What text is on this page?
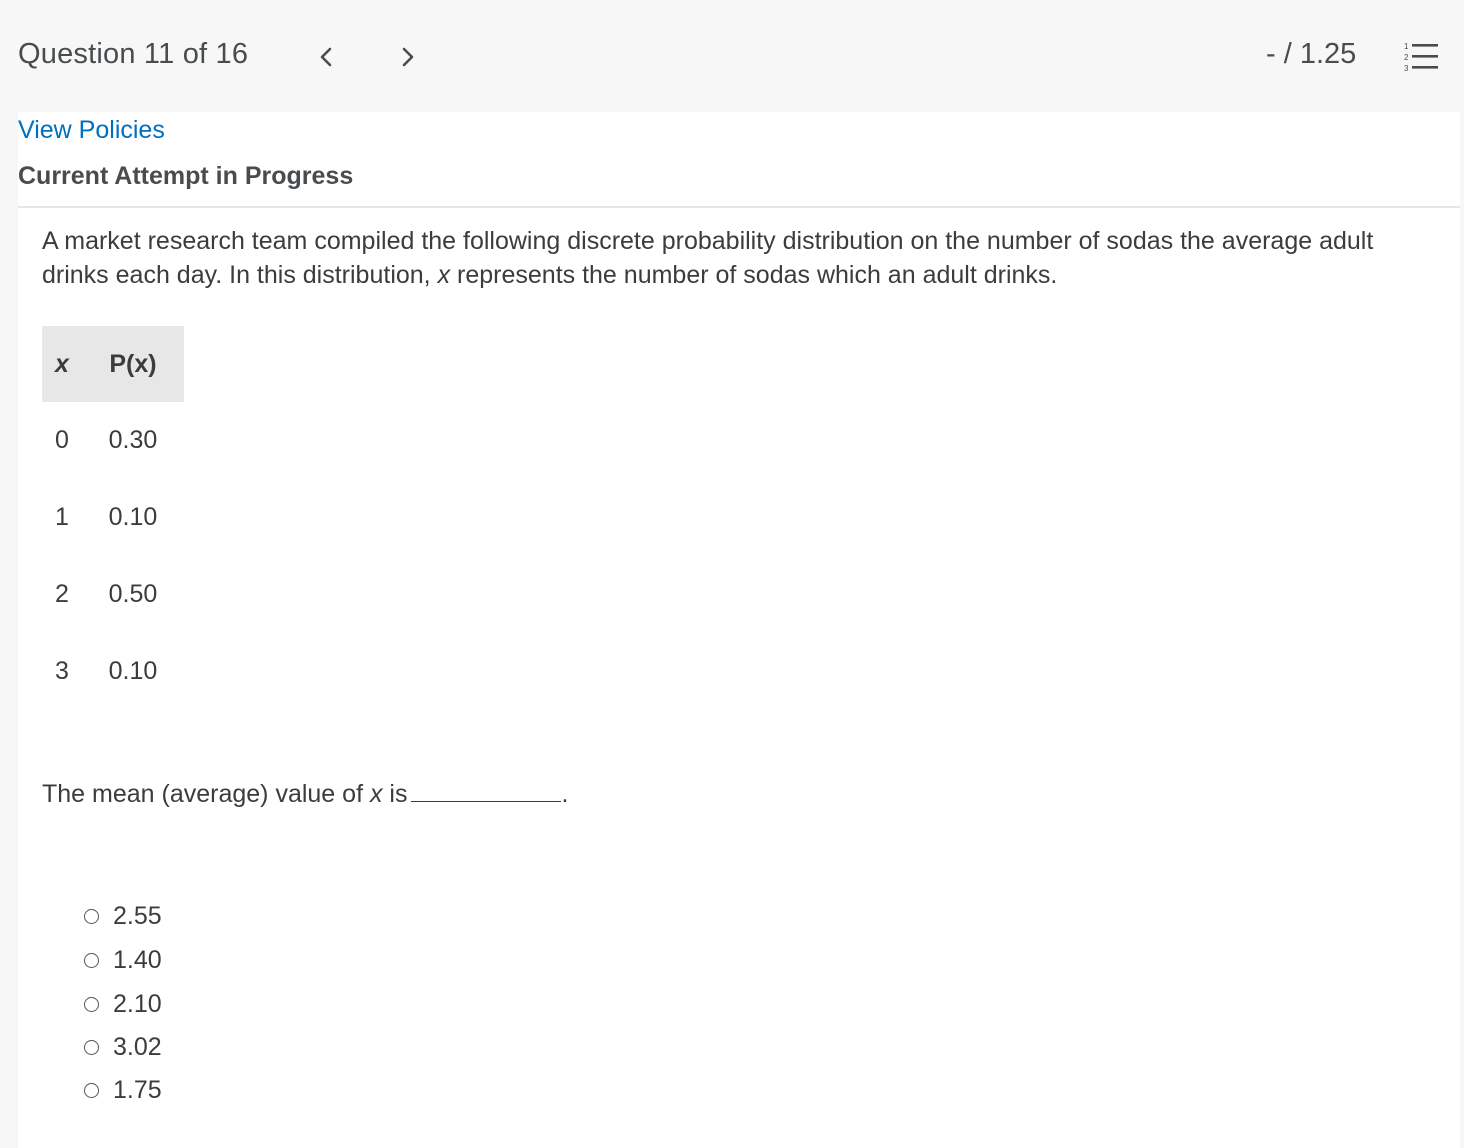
Question 11 of 16	- / 1.25	1
2
3
View Policies
Current Attempt in Progress
A market research team compiled the following discrete probability distribution on the number of sodas the average adult drinks each day. In this distribution, x represents the number of sodas which an adult drinks.
x	P(x)
0	0.30
1	0.10
2	0.50
3	0.10
The mean (average) value of x is	.
2.55
1.40
2.10
3.02
1.75
